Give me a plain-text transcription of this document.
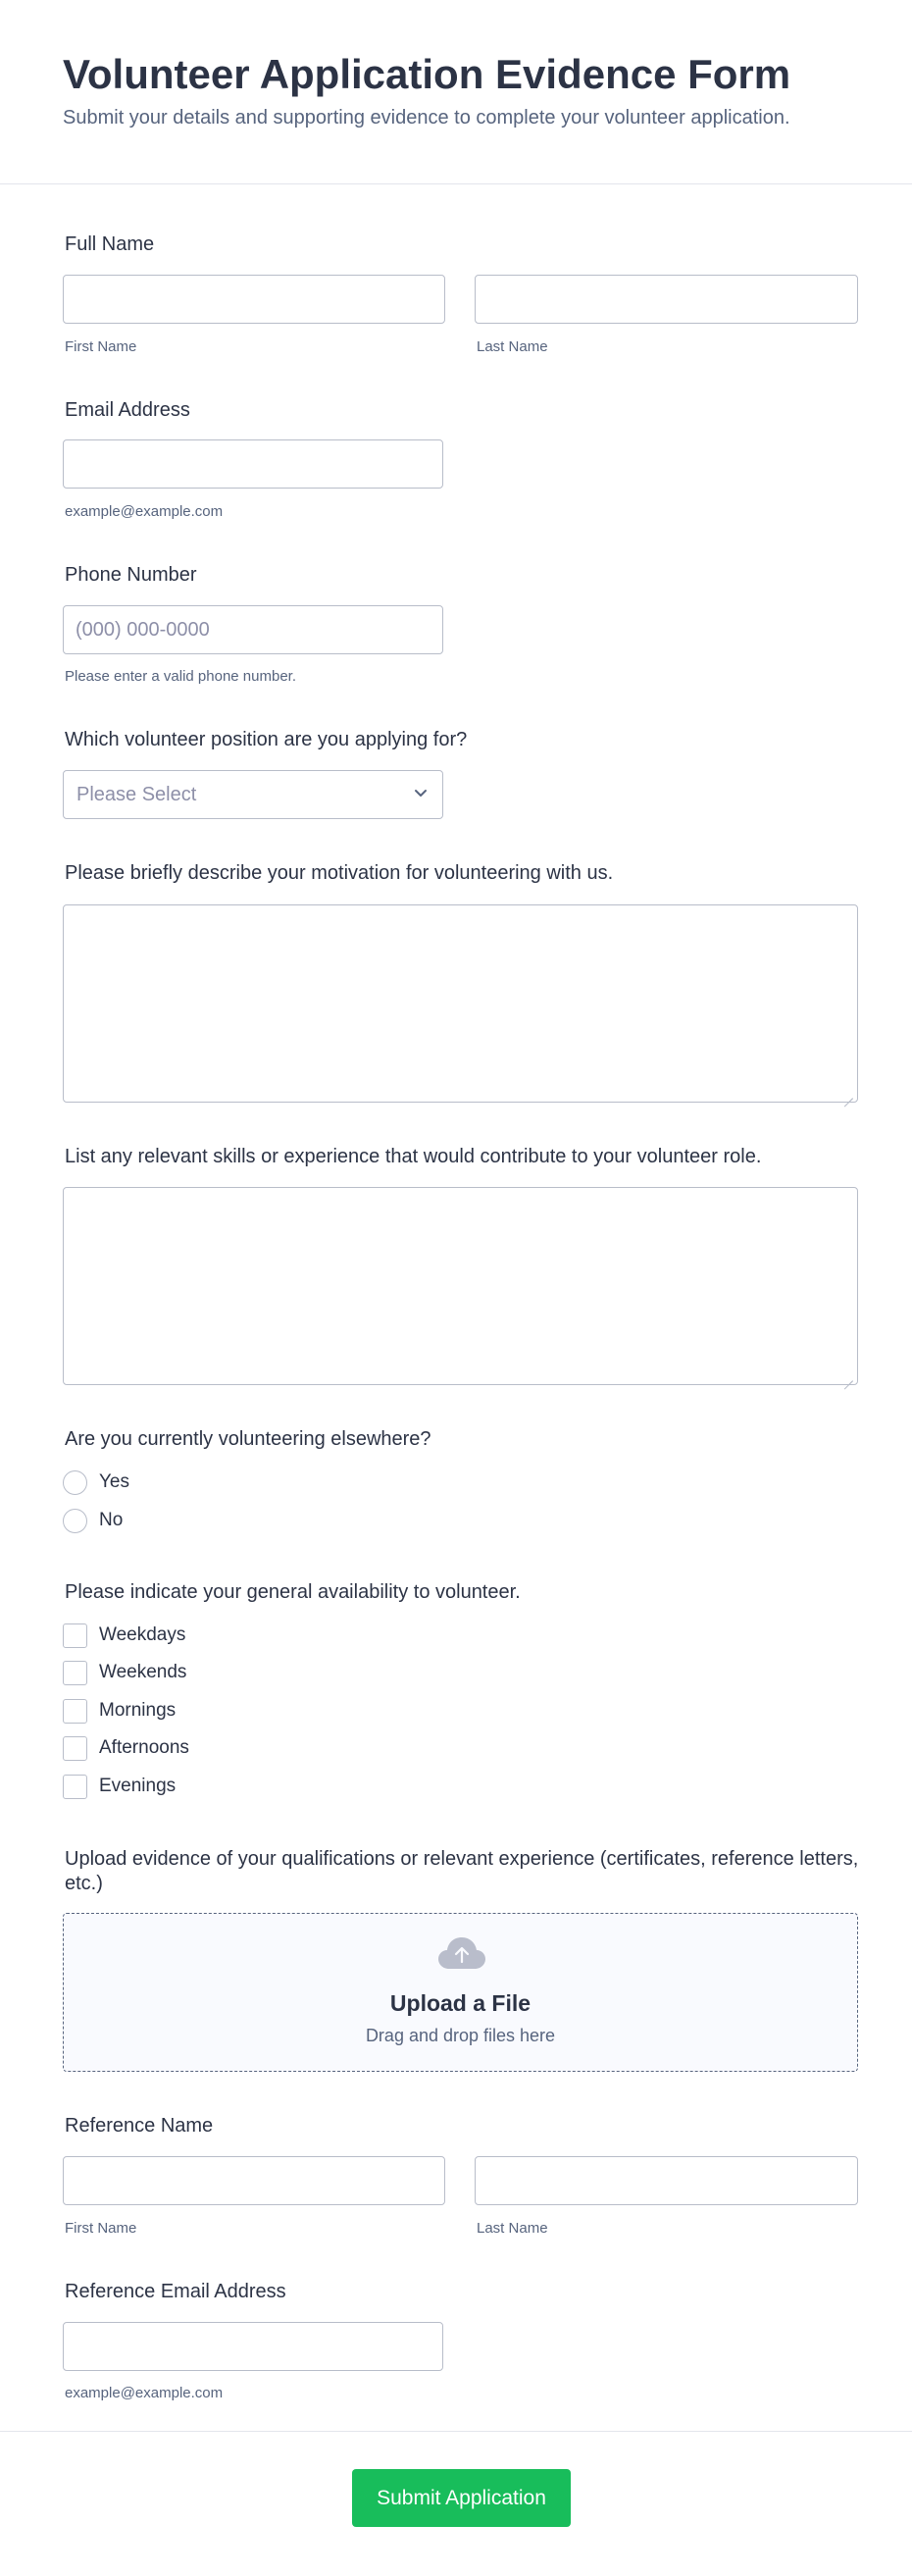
Volunteer Application Evidence Form

Submit your details and supporting evidence to complete your volunteer application.

Full Name
First Name	Last Name
Email Address
example@example.com
Phone Number
(000) 000-0000
Please enter a valid phone number.
Which volunteer position are you applying for?
Please Select
Please briefly describe your motivation for volunteering with us.
List any relevant skills or experience that would contribute to your volunteer role.
Are you currently volunteering elsewhere?
Yes
No
Please indicate your general availability to volunteer.
Weekdays
Weekends
Mornings
Afternoons
Evenings
Upload evidence of your qualifications or relevant experience (certificates, reference letters, etc.)
Upload a File
Drag and drop files here
Reference Name
First Name	Last Name
Reference Email Address
example@example.com
Submit Application
